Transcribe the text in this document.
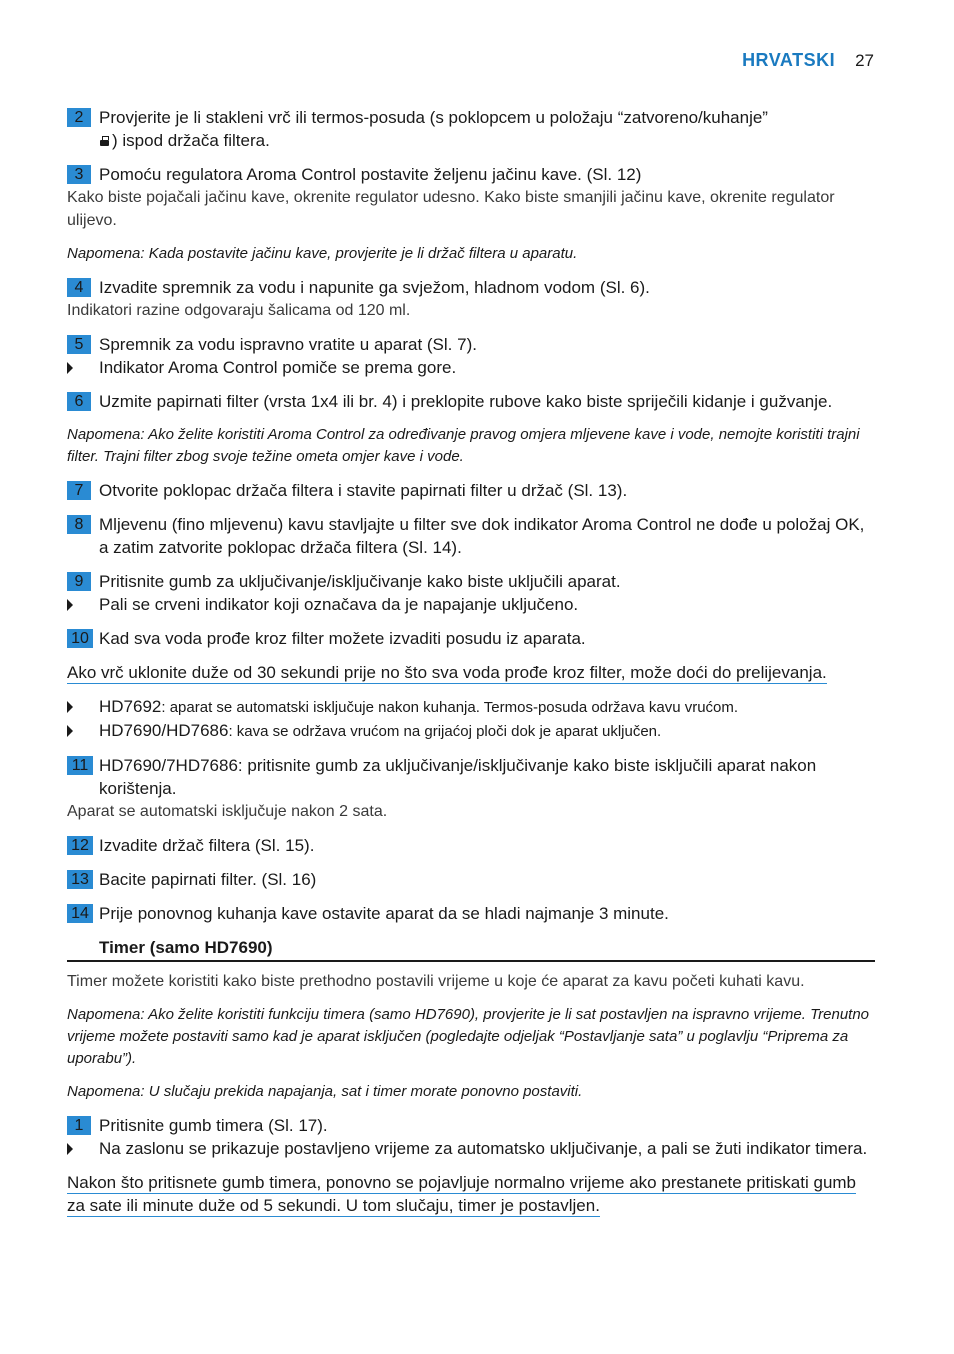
HRVATSKI 27
2 Provjerite je li stakleni vrč ili termos-posuda (s poklopcem u položaju “zatvoreno/kuhanje”
) ispod držača filtera.
3 Pomoću regulatora Aroma Control postavite željenu jačinu kave. (Sl. 12)
Kako biste pojačali jačinu kave, okrenite regulator udesno. Kako biste smanjili jačinu kave, okrenite regulator ulijevo.
Napomena: Kada postavite jačinu kave, provjerite je li držač filtera u aparatu.
4 Izvadite spremnik za vodu i napunite ga svježom, hladnom vodom (Sl. 6).
Indikatori razine odgovaraju šalicama od 120 ml.
5 Spremnik za vodu ispravno vratite u aparat (Sl. 7).
Indikator Aroma Control pomiče se prema gore.
6 Uzmite papirnati filter (vrsta 1x4 ili br. 4) i preklopite rubove kako biste spriječili kidanje i gužvanje.
Napomena: Ako želite koristiti Aroma Control za određivanje pravog omjera mljevene kave i vode, nemojte koristiti trajni filter. Trajni filter zbog svoje težine ometa omjer kave i vode.
7 Otvorite poklopac držača filtera i stavite papirnati filter u držač (Sl. 13).
8 Mljevenu (fino mljevenu) kavu stavljajte u filter sve dok indikator Aroma Control ne dođe u položaj OK, a zatim zatvorite poklopac držača filtera (Sl. 14).
9 Pritisnite gumb za uključivanje/isključivanje kako biste uključili aparat.
Pali se crveni indikator koji označava da je napajanje uključeno.
10 Kad sva voda prođe kroz filter možete izvaditi posudu iz aparata.
Ako vrč uklonite duže od 30 sekundi prije no što sva voda prođe kroz filter, može doći do prelijevanja.
HD7692: aparat se automatski isključuje nakon kuhanja. Termos-posuda održava kavu vrućom.
HD7690/HD7686: kava se održava vrućom na grijaćoj ploči dok je aparat uključen.
11 HD7690/7HD7686: pritisnite gumb za uključivanje/isključivanje kako biste isključili aparat nakon korištenja.
Aparat se automatski isključuje nakon 2 sata.
12 Izvadite držač filtera (Sl. 15).
13 Bacite papirnati filter. (Sl. 16)
14 Prije ponovnog kuhanja kave ostavite aparat da se hladi najmanje 3 minute.
Timer (samo HD7690)
Timer možete koristiti kako biste prethodno postavili vrijeme u koje će aparat za kavu početi kuhati kavu.
Napomena: Ako želite koristiti funkciju timera (samo HD7690), provjerite je li sat postavljen na ispravno vrijeme. Trenutno vrijeme možete postaviti samo kad je aparat isključen (pogledajte odjeljak “Postavljanje sata” u poglavlju “Priprema za uporabu”).
Napomena: U slučaju prekida napajanja, sat i timer morate ponovno postaviti.
1 Pritisnite gumb timera (Sl. 17).
Na zaslonu se prikazuje postavljeno vrijeme za automatsko uključivanje, a pali se žuti indikator timera.
Nakon što pritisnete gumb timera, ponovno se pojavljuje normalno vrijeme ako prestanete pritiskati gumb za sate ili minute duže od 5 sekundi. U tom slučaju, timer je postavljen.
